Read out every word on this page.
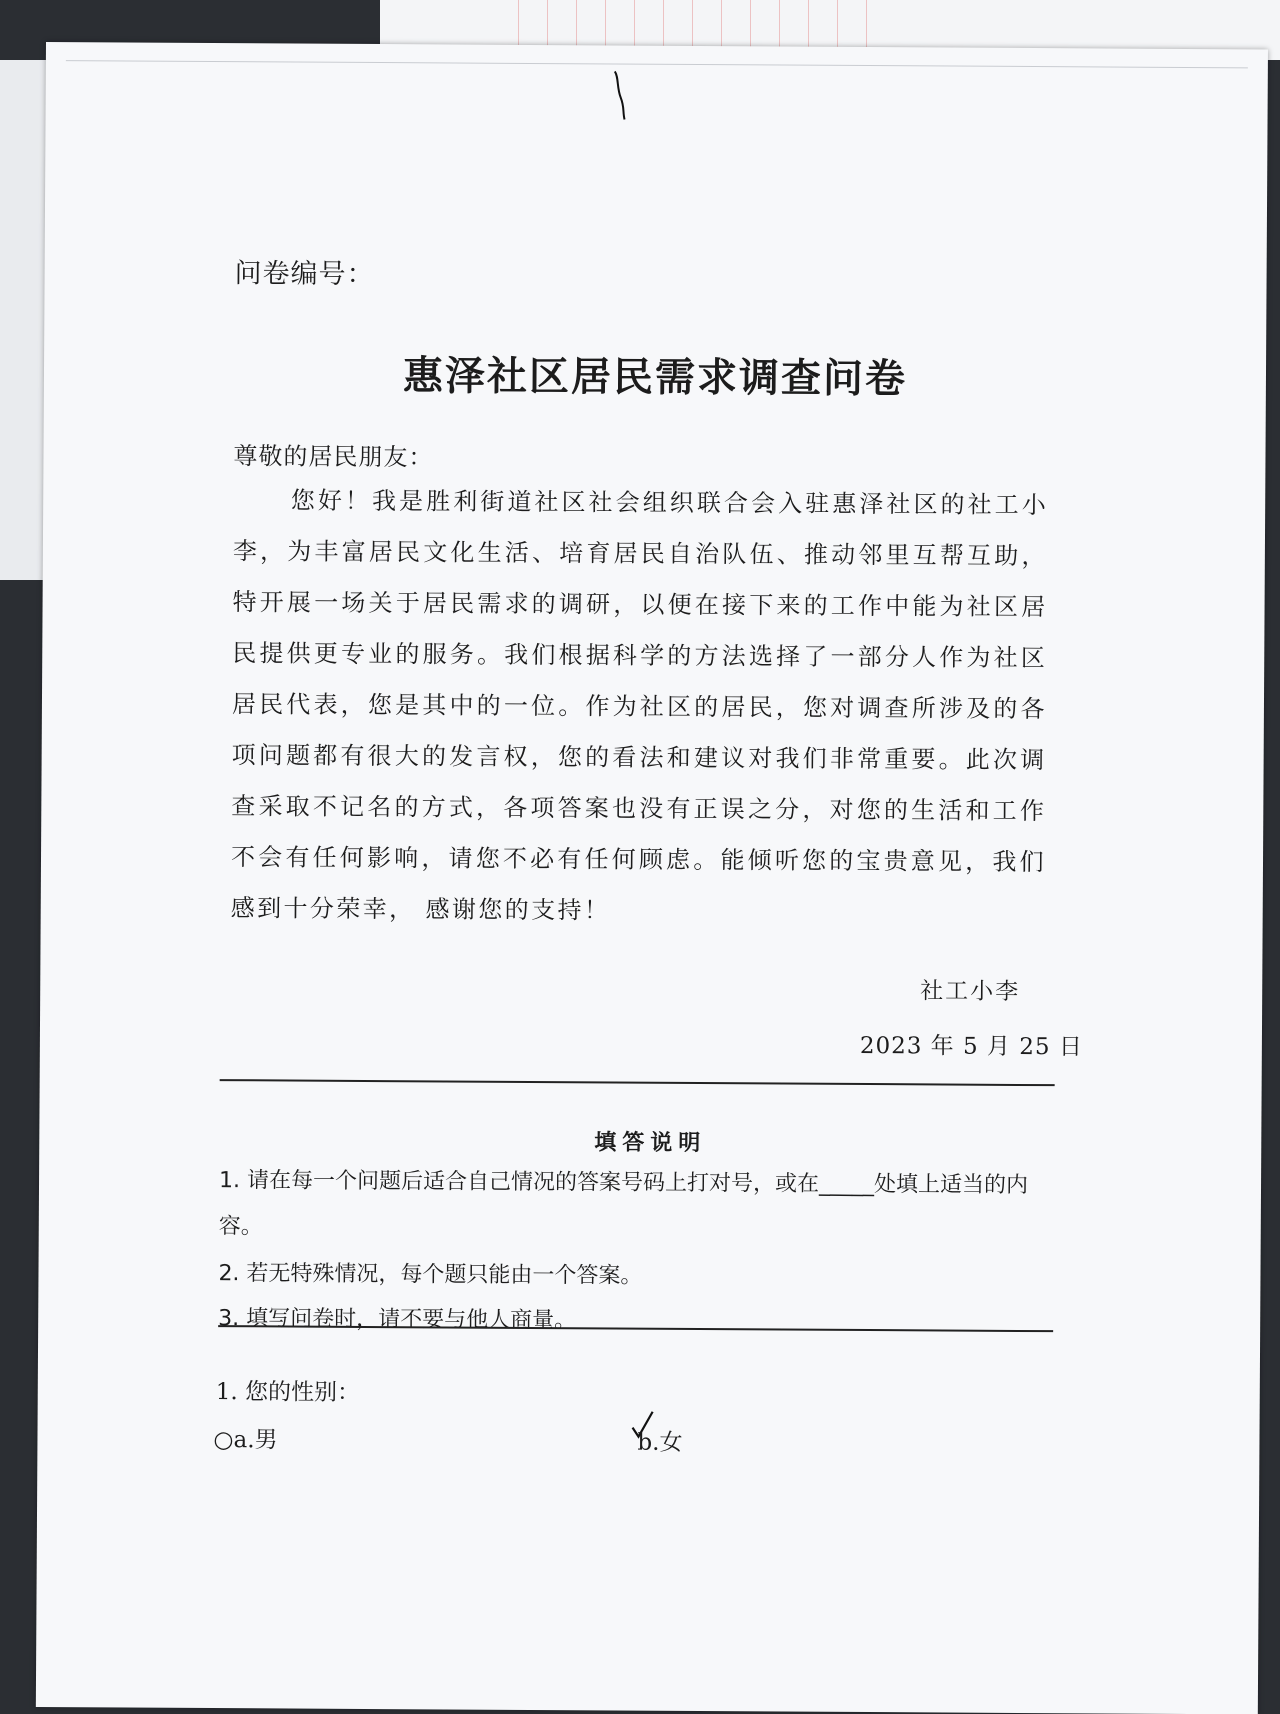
问卷编号：
惠泽社区居民需求调查问卷
尊敬的居民朋友：
您好！我是胜利街道社区社会组织联合会入驻惠泽社区的社工小李，为丰富居民文化生活、培育居民自治队伍、推动邻里互帮互助，特开展一场关于居民需求的调研，以便在接下来的工作中能为社区居民提供更专业的服务。我们根据科学的方法选择了一部分人作为社区居民代表，您是其中的一位。作为社区的居民，您对调查所涉及的各项问题都有很大的发言权，您的看法和建议对我们非常重要。此次调查采取不记名的方式，各项答案也没有正误之分，对您的生活和工作不会有任何影响，请您不必有任何顾虑。能倾听您的宝贵意见，我们感到十分荣幸， 感谢您的支持！
社工小李
2023 年 5 月 25 日
填答说明
1. 请在每一个问题后适合自己情况的答案号码上打对号，或在_____处填上适当的内容。
2. 若无特殊情况，每个题只能由一个答案。
3. 填写问卷时，请不要与他人商量。
1. 您的性别：
○a.男	b.女
